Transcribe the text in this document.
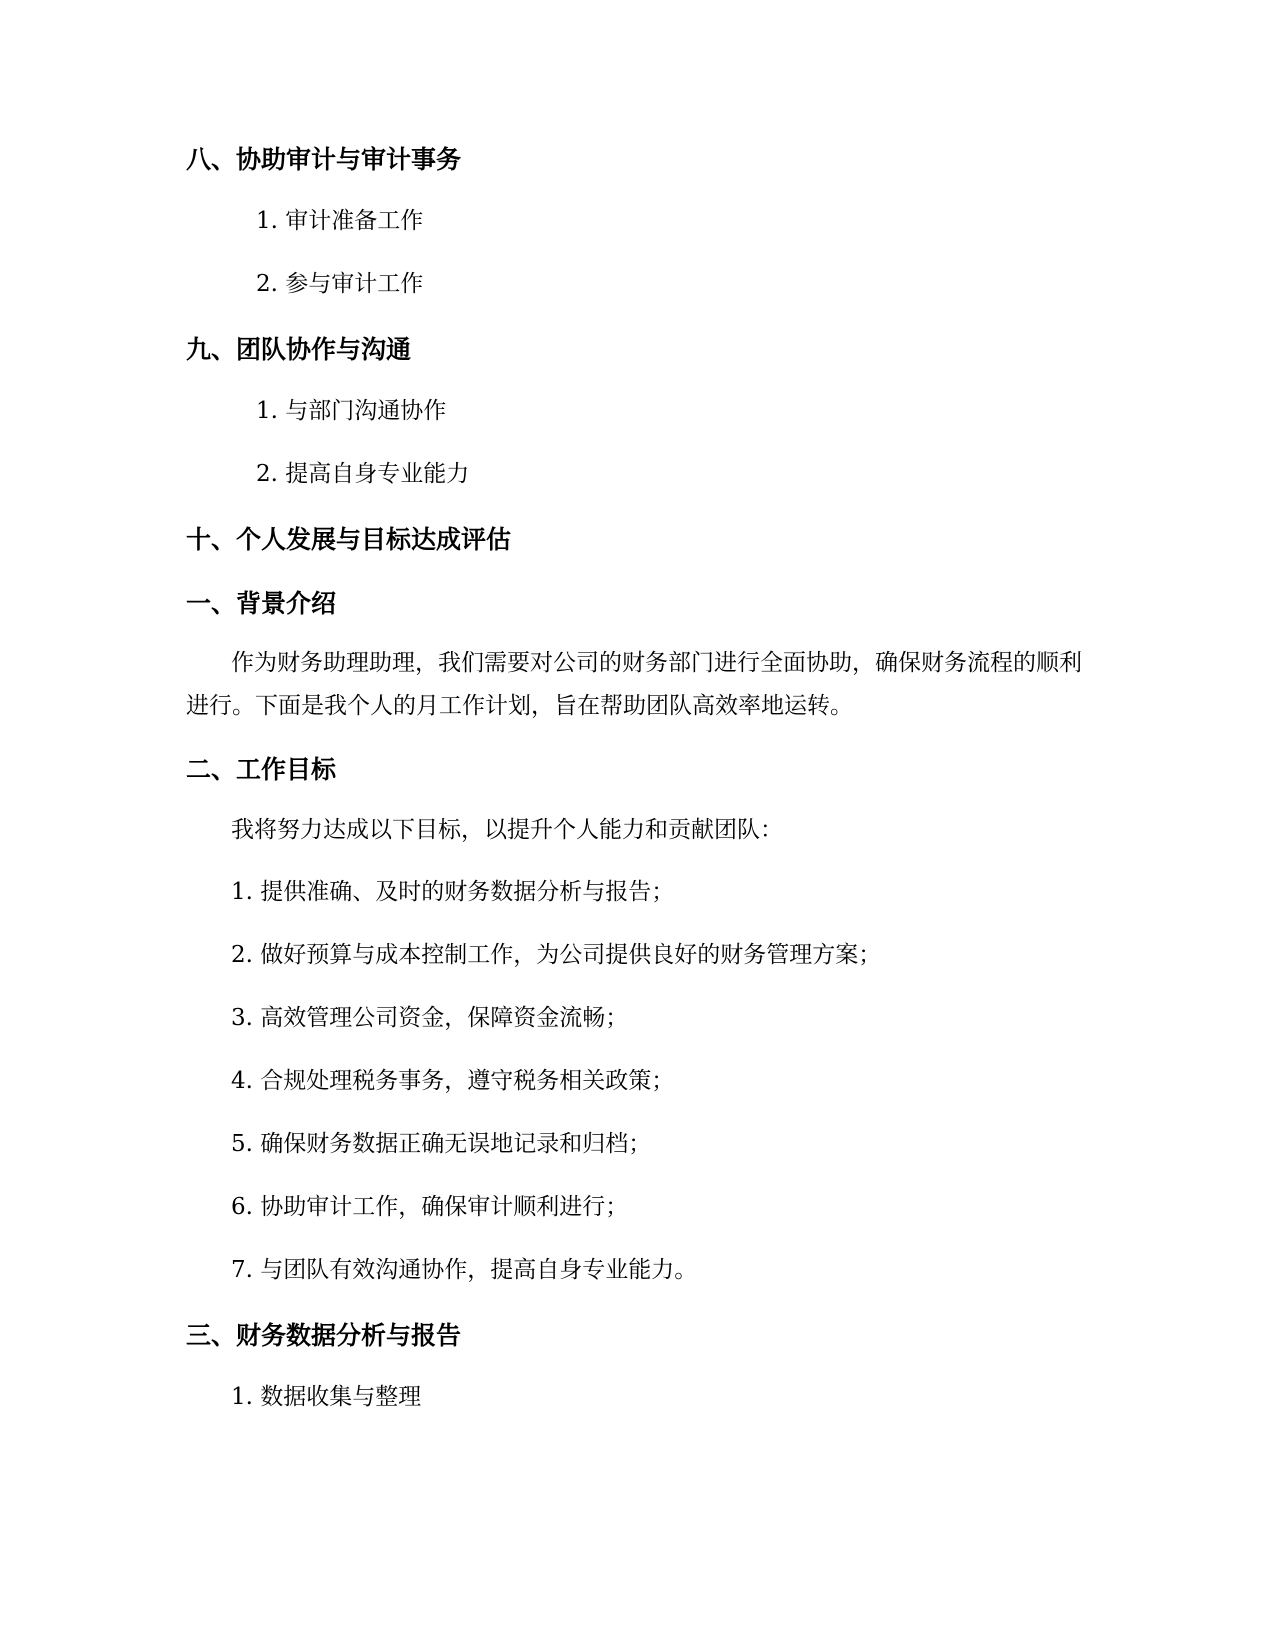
八、协助审计与审计事务

1. 审计准备工作

2. 参与审计工作

九、团队协作与沟通

1. 与部门沟通协作

2. 提高自身专业能力

十、个人发展与目标达成评估
一、背景介绍

作为财务助理助理，我们需要对公司的财务部门进行全面协助，确保财务流程的顺利进行。下面是我个人的月工作计划，旨在帮助团队高效率地运转。

二、工作目标

我将努力达成以下目标，以提升个人能力和贡献团队：

1. 提供准确、及时的财务数据分析与报告；

2. 做好预算与成本控制工作，为公司提供良好的财务管理方案；

3. 高效管理公司资金，保障资金流畅；

4. 合规处理税务事务，遵守税务相关政策；

5. 确保财务数据正确无误地记录和归档；

6. 协助审计工作，确保审计顺利进行；

7. 与团队有效沟通协作，提高自身专业能力。

三、财务数据分析与报告

1. 数据收集与整理
